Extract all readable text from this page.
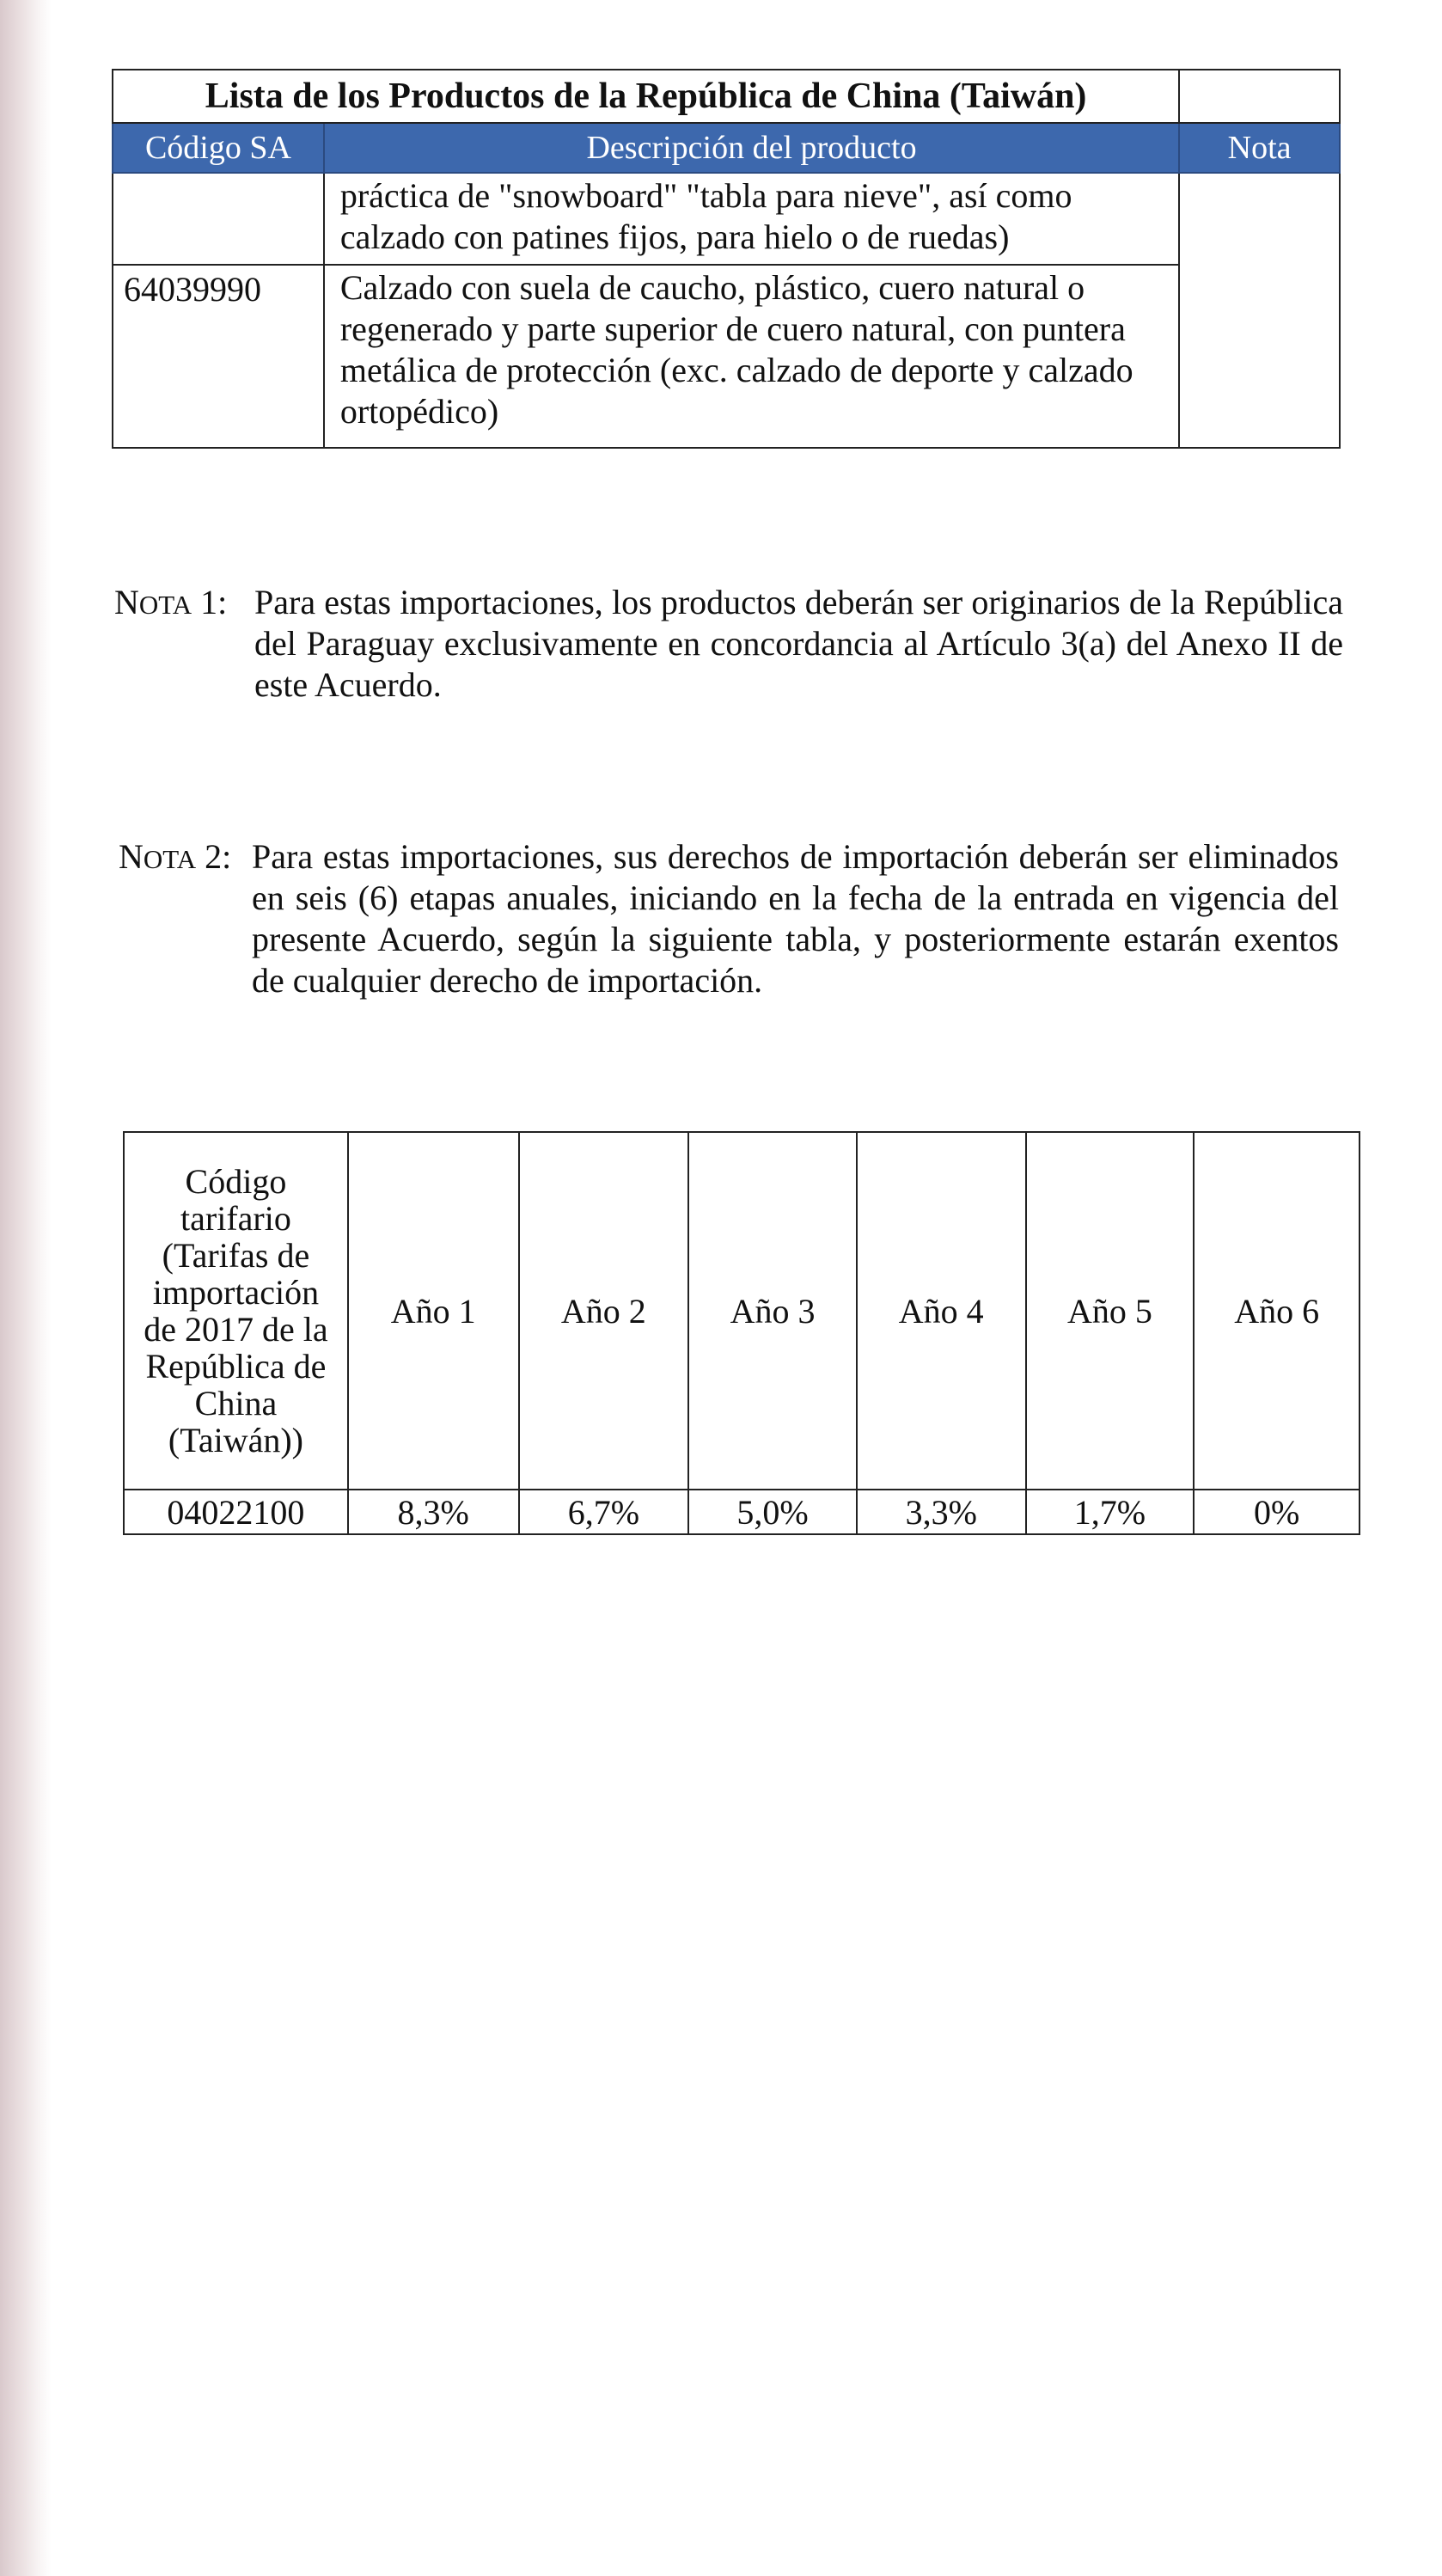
Lista de los Productos de la República de China (Taiwán)		
Código SA	Descripción del producto	Nota
	práctica de "snowboard" "tabla para nieve", así como calzado con patines fijos, para hielo o de ruedas)	
64039990	Calzado con suela de caucho, plástico, cuero natural o regenerado y parte superior de cuero natural, con puntera metálica de protección (exc. calzado de deporte y calzado ortopédico)	
NOTA 1: Para estas importaciones, los productos deberán ser originarios de la República del Paraguay exclusivamente en concordancia al Artículo 3(a) del Anexo II de este Acuerdo.
NOTA 2: Para estas importaciones, sus derechos de importación deberán ser eliminados en seis (6) etapas anuales, iniciando en la fecha de la entrada en vigencia del presente Acuerdo, según la siguiente tabla, y posteriormente estarán exentos de cualquier derecho de importación.
Código tarifario (Tarifas de importación de 2017 de la República de China (Taiwán))	Año 1	Año 2	Año 3	Año 4	Año 5	Año 6
04022100	8,3%	6,7%	5,0%	3,3%	1,7%	0%
